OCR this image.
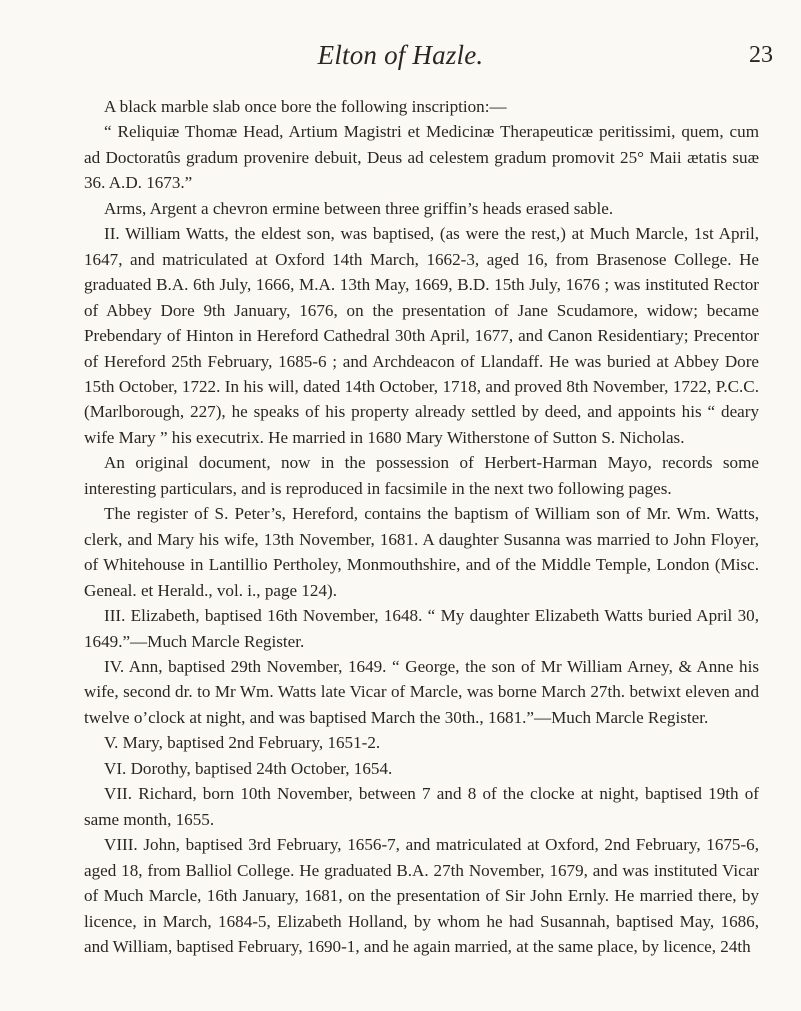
Elton of Hazle.	23

A black marble slab once bore the following inscription:—

“ Reliquiæ Thomæ Head, Artium Magistri et Medicinæ Therapeuticæ peritissimi, quem, cum ad Doctoratûs gradum provenire debuit, Deus ad celestem gradum promovit 25° Maii ætatis suæ 36. A.D. 1673.”

Arms, Argent a chevron ermine between three griffin’s heads erased sable.

II. William Watts, the eldest son, was baptised, (as were the rest,) at Much Marcle, 1st April, 1647, and matriculated at Oxford 14th March, 1662-3, aged 16, from Brasenose College. He graduated B.A. 6th July, 1666, M.A. 13th May, 1669, B.D. 15th July, 1676 ; was instituted Rector of Abbey Dore 9th January, 1676, on the presentation of Jane Scudamore, widow; became Prebendary of Hinton in Hereford Cathedral 30th April, 1677, and Canon Residentiary; Precentor of Hereford 25th February, 1685-6 ; and Archdeacon of Llandaff. He was buried at Abbey Dore 15th October, 1722. In his will, dated 14th October, 1718, and proved 8th November, 1722, P.C.C. (Marlborough, 227), he speaks of his property already settled by deed, and appoints his “ deary wife Mary ” his executrix. He married in 1680 Mary Witherstone of Sutton S. Nicholas.

An original document, now in the possession of Herbert-Harman Mayo, records some interesting particulars, and is reproduced in facsimile in the next two following pages.

The register of S. Peter’s, Hereford, contains the baptism of William son of Mr. Wm. Watts, clerk, and Mary his wife, 13th November, 1681. A daughter Susanna was married to John Floyer, of Whitehouse in Lantillio Pertholey, Monmouthshire, and of the Middle Temple, London (Misc. Geneal. et Herald., vol. i., page 124).

III. Elizabeth, baptised 16th November, 1648. “ My daughter Elizabeth Watts buried April 30, 1649.”—Much Marcle Register.

IV. Ann, baptised 29th November, 1649. “ George, the son of Mr William Arney, & Anne his wife, second dr. to Mr Wm. Watts late Vicar of Marcle, was borne March 27th. betwixt eleven and twelve o’clock at night, and was baptised March the 30th., 1681.”—Much Marcle Register.

V. Mary, baptised 2nd February, 1651-2.

VI. Dorothy, baptised 24th October, 1654.

VII. Richard, born 10th November, between 7 and 8 of the clocke at night, baptised 19th of same month, 1655.

VIII. John, baptised 3rd February, 1656-7, and matriculated at Oxford, 2nd February, 1675-6, aged 18, from Balliol College. He graduated B.A. 27th November, 1679, and was instituted Vicar of Much Marcle, 16th January, 1681, on the presentation of Sir John Ernly. He married there, by licence, in March, 1684-5, Elizabeth Holland, by whom he had Susannah, baptised May, 1686, and William, baptised February, 1690-1, and he again married, at the same place, by licence, 24th
